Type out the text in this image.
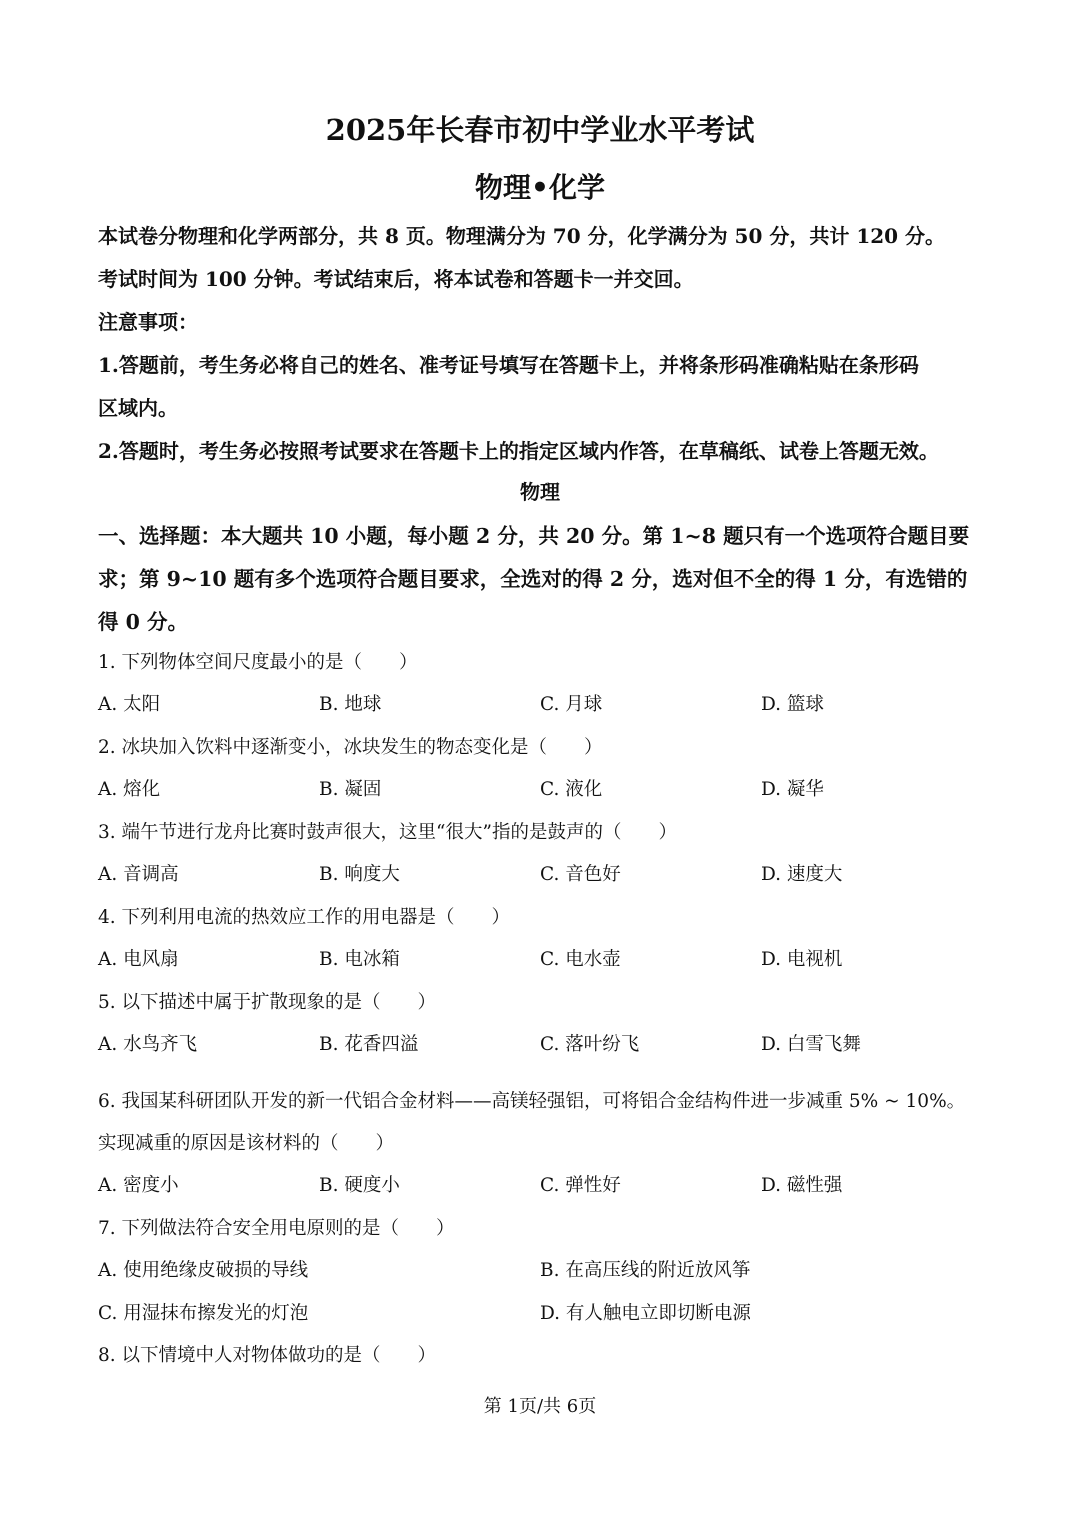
2025年长春市初中学业水平考试
物理•化学
本试卷分物理和化学两部分，共 8 页。物理满分为 70 分，化学满分为 50 分，共计 120 分。
考试时间为 100 分钟。考试结束后，将本试卷和答题卡一并交回。
注意事项：
1.答题前，考生务必将自己的姓名、准考证号填写在答题卡上，并将条形码准确粘贴在条形码
区域内。
2.答题时，考生务必按照考试要求在答题卡上的指定区域内作答，在草稿纸、试卷上答题无效。
物理
一、选择题：本大题共 10 小题，每小题 2 分，共 20 分。第 1~8 题只有一个选项符合题目要
求；第 9~10 题有多个选项符合题目要求，全选对的得 2 分，选对但不全的得 1 分，有选错的
得 0 分。
1. 下列物体空间尺度最小的是（　　）
A. 太阳	B. 地球	C. 月球	D. 篮球
2. 冰块加入饮料中逐渐变小，冰块发生的物态变化是（　　）
A. 熔化	B. 凝固	C. 液化	D. 凝华
3. 端午节进行龙舟比赛时鼓声很大，这里“很大”指的是鼓声的（　　）
A. 音调高	B. 响度大	C. 音色好	D. 速度大
4. 下列利用电流的热效应工作的用电器是（　　）
A. 电风扇	B. 电冰箱	C. 电水壶	D. 电视机
5. 以下描述中属于扩散现象的是（　　）
A. 水鸟齐飞	B. 花香四溢	C. 落叶纷飞	D. 白雪飞舞
6. 我国某科研团队开发的新一代铝合金材料——高镁轻强铝，可将铝合金结构件进一步减重 5% ~ 10%。
实现减重的原因是该材料的（　　）
A. 密度小	B. 硬度小	C. 弹性好	D. 磁性强
7. 下列做法符合安全用电原则的是（　　）
A. 使用绝缘皮破损的导线	B. 在高压线的附近放风筝
C. 用湿抹布擦发光的灯泡	D. 有人触电立即切断电源
8. 以下情境中人对物体做功的是（　　）
第 1页/共 6页
